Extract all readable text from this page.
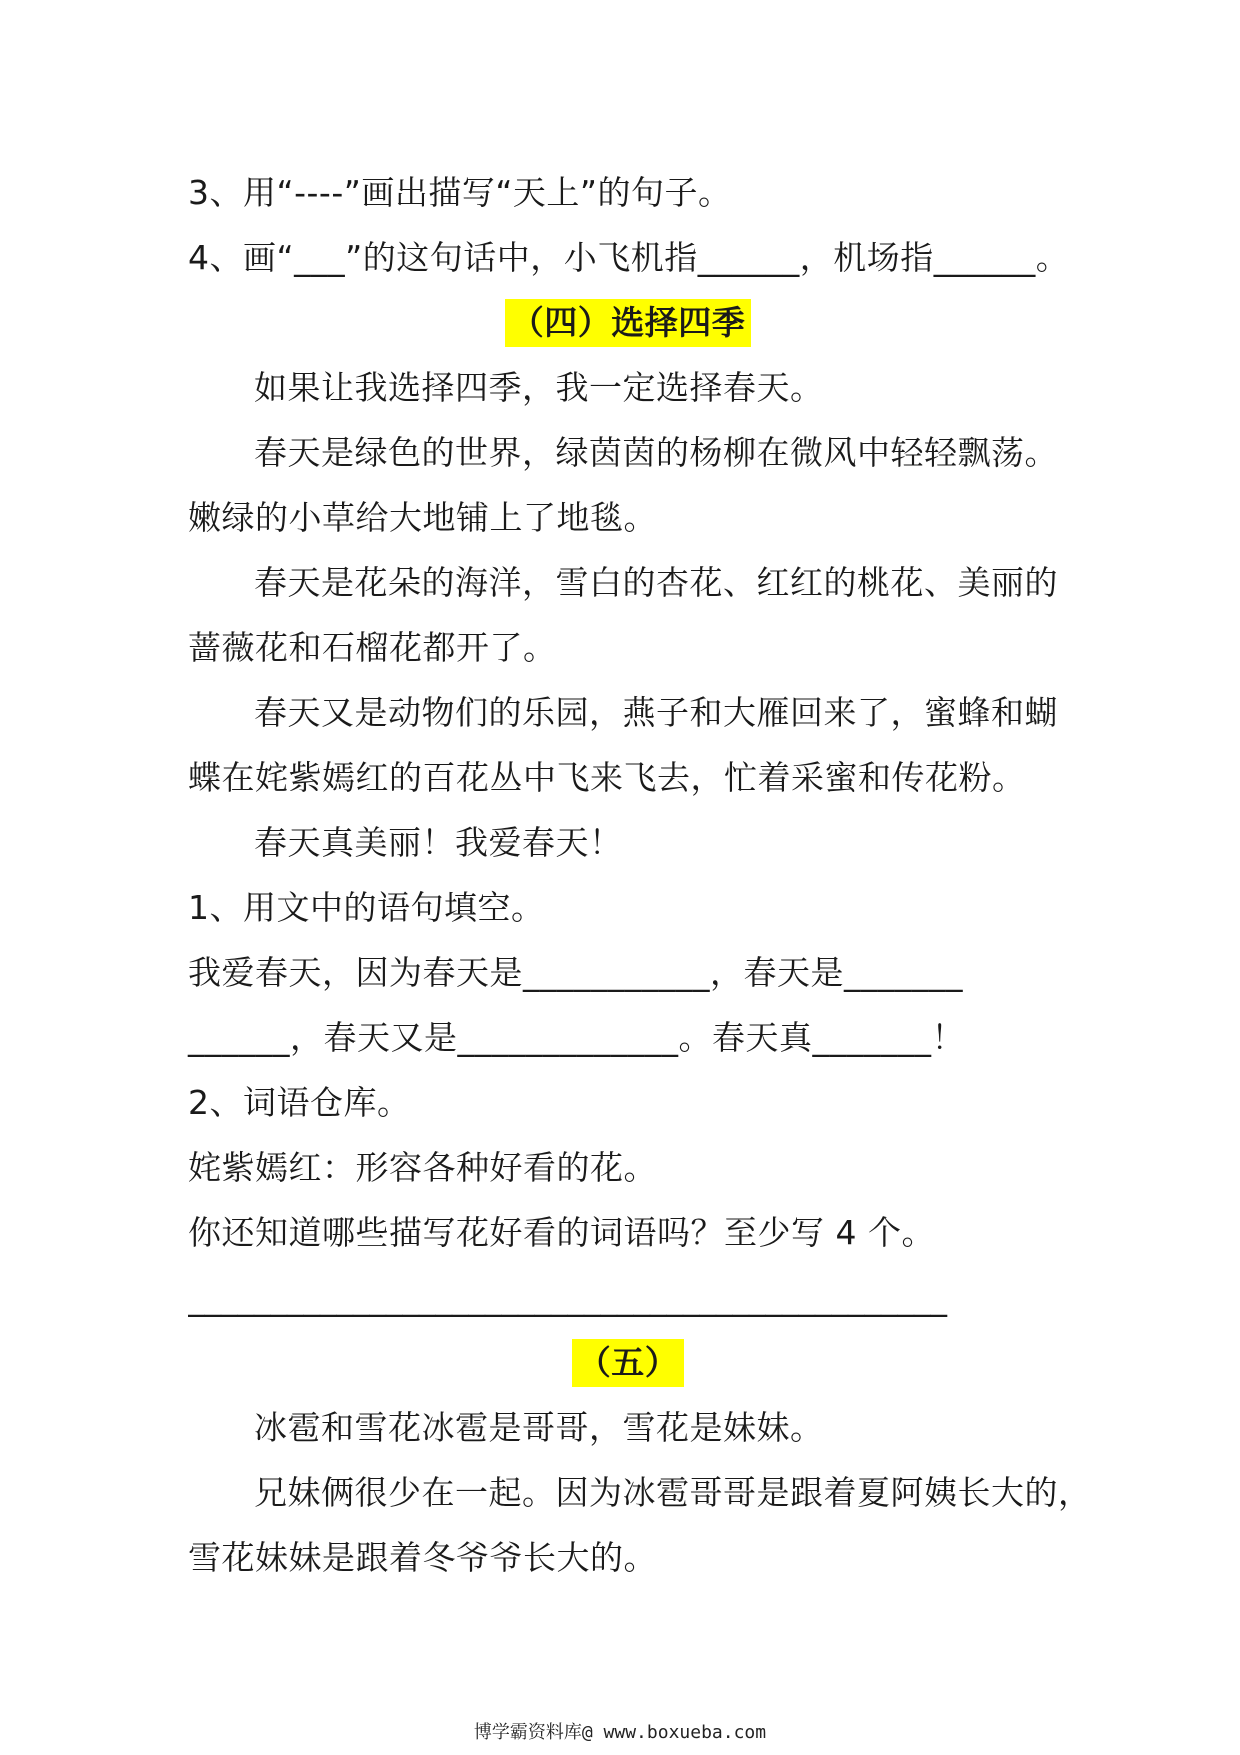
3、用“----”画出描写“天上”的句子。
4、画“___”的这句话中，小飞机指______，机场指______。
（四）选择四季
如果让我选择四季，我一定选择春天。
春天是绿色的世界，绿茵茵的杨柳在微风中轻轻飘荡。
嫩绿的小草给大地铺上了地毯。
春天是花朵的海洋，雪白的杏花、红红的桃花、美丽的
蔷薇花和石榴花都开了。
春天又是动物们的乐园，燕子和大雁回来了，蜜蜂和蝴
蝶在姹紫嫣红的百花丛中飞来飞去，忙着采蜜和传花粉。
春天真美丽！我爱春天！
1、用文中的语句填空。
我爱春天，因为春天是___________，春天是_______
______，春天又是_____________。春天真_______！
2、词语仓库。
姹紫嫣红：形容各种好看的花。
你还知道哪些描写花好看的词语吗？至少写 4 个。
______________________________________________
（五）
冰雹和雪花冰雹是哥哥，雪花是妹妹。
兄妹俩很少在一起。因为冰雹哥哥是跟着夏阿姨长大的，
雪花妹妹是跟着冬爷爷长大的。
博学霸资料库@ www.boxueba.com
